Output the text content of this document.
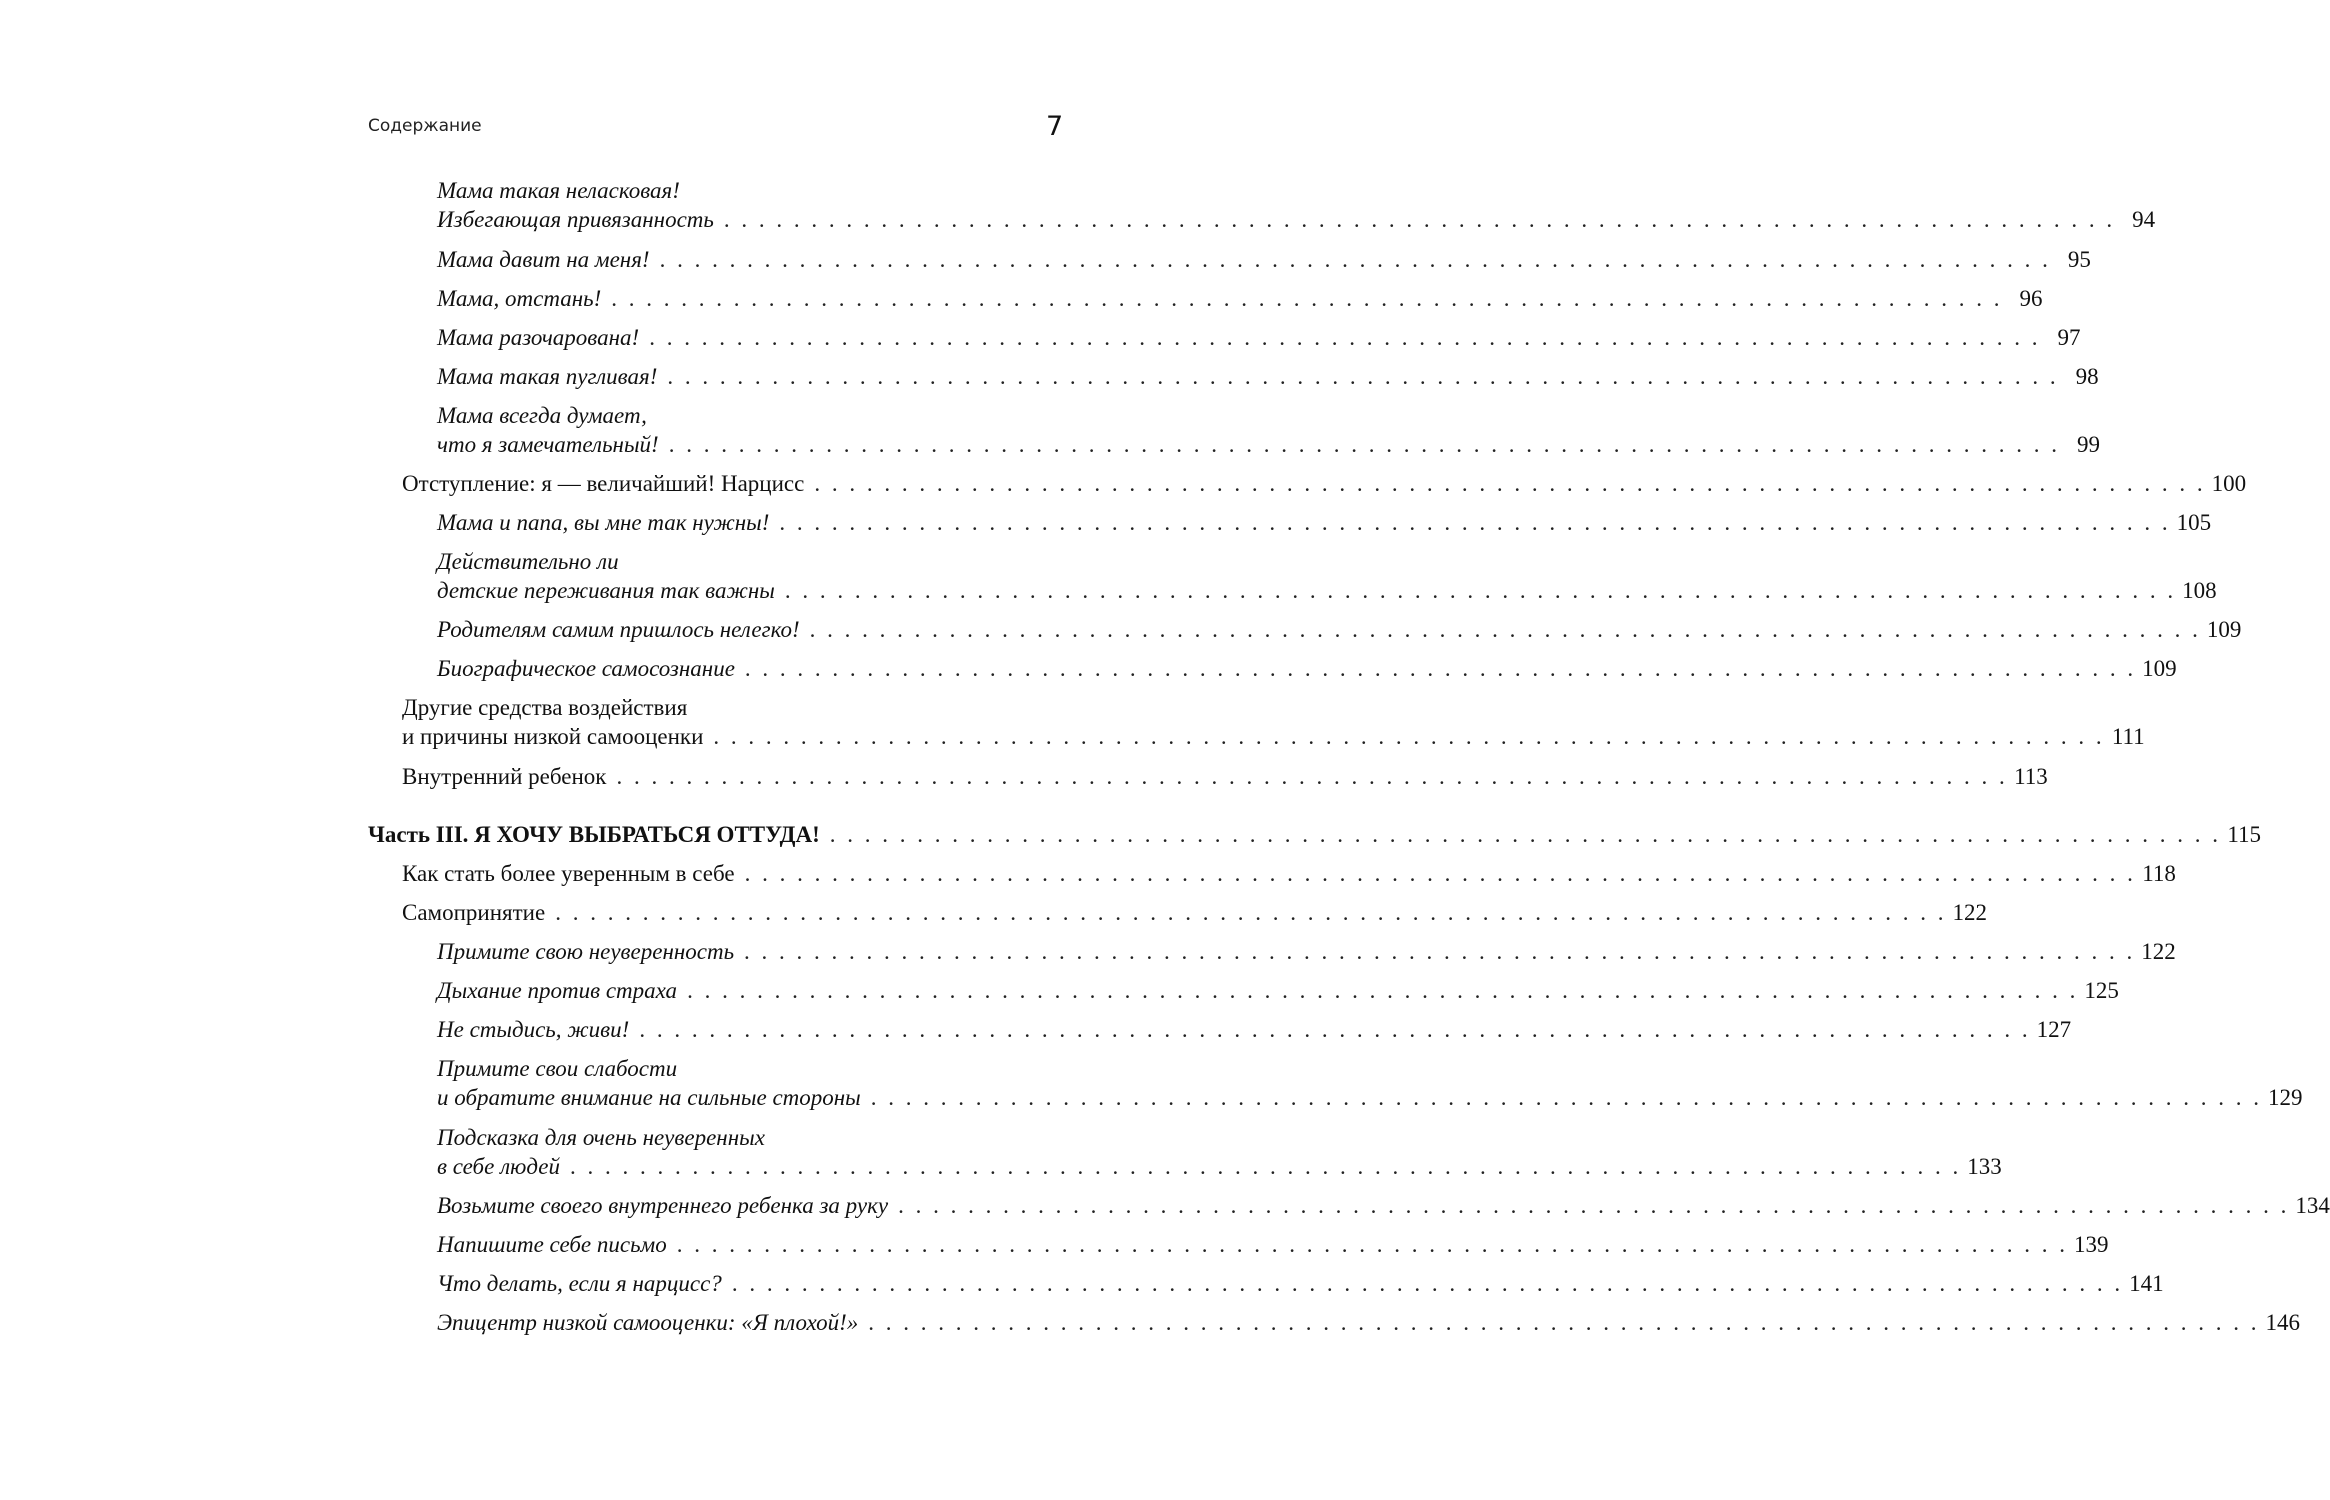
Содержание	7
Мама такая неласковая!
Избегающая привязанность . . . . . . . . . . . . . . . . . . . . . . . . . . . . . . . . . . . . . . . . . . . . . . . . . . . . . . . . . . . . . . . . . . . . . . . . . . . . . . . . 94
Мама давит на меня! . . . . . . . . . . . . . . . . . . . . . . . . . . . . . . . . . . . . . . . . . . . . . . . . . . . . . . . . . . . . . . . . . . . . . . . . . . . . . . . . 95
Мама, отстань! . . . . . . . . . . . . . . . . . . . . . . . . . . . . . . . . . . . . . . . . . . . . . . . . . . . . . . . . . . . . . . . . . . . . . . . . . . . . . . . . 96
Мама разочарована! . . . . . . . . . . . . . . . . . . . . . . . . . . . . . . . . . . . . . . . . . . . . . . . . . . . . . . . . . . . . . . . . . . . . . . . . . . . . . . . . 97
Мама такая пугливая! . . . . . . . . . . . . . . . . . . . . . . . . . . . . . . . . . . . . . . . . . . . . . . . . . . . . . . . . . . . . . . . . . . . . . . . . . . . . . . . . 98
Мама всегда думает,
что я замечательный! . . . . . . . . . . . . . . . . . . . . . . . . . . . . . . . . . . . . . . . . . . . . . . . . . . . . . . . . . . . . . . . . . . . . . . . . . . . . . . . . 99
Отступление: я — величайший! Нарцисс . . . . . . . . . . . . . . . . . . . . . . . . . . . . . . . . . . . . . . . . . . . . . . . . . . . . . . . . . . . . . . . . . . . . . . . . . . . . . . . . 100
Мама и папа, вы мне так нужны! . . . . . . . . . . . . . . . . . . . . . . . . . . . . . . . . . . . . . . . . . . . . . . . . . . . . . . . . . . . . . . . . . . . . . . . . . . . . . . . . 105
Действительно ли
детские переживания так важны . . . . . . . . . . . . . . . . . . . . . . . . . . . . . . . . . . . . . . . . . . . . . . . . . . . . . . . . . . . . . . . . . . . . . . . . . . . . . . . . 108
Родителям самим пришлось нелегко! . . . . . . . . . . . . . . . . . . . . . . . . . . . . . . . . . . . . . . . . . . . . . . . . . . . . . . . . . . . . . . . . . . . . . . . . . . . . . . . . 109
Биографическое самосознание . . . . . . . . . . . . . . . . . . . . . . . . . . . . . . . . . . . . . . . . . . . . . . . . . . . . . . . . . . . . . . . . . . . . . . . . . . . . . . . . 109
Другие средства воздействия
и причины низкой самооценки . . . . . . . . . . . . . . . . . . . . . . . . . . . . . . . . . . . . . . . . . . . . . . . . . . . . . . . . . . . . . . . . . . . . . . . . . . . . . . . . 111
Внутренний ребенок . . . . . . . . . . . . . . . . . . . . . . . . . . . . . . . . . . . . . . . . . . . . . . . . . . . . . . . . . . . . . . . . . . . . . . . . . . . . . . . . 113
Часть III. Я ХОЧУ ВЫБРАТЬСЯ ОТТУДА! . . . . . . . . . . . . . . . . . . . . . . . . . . . . . . . . . . . . . . . . . . . . . . . . . . . . . . . . . . . . . . . . . . . . . . . . . . . . . . . . 115
Как стать более уверенным в себе . . . . . . . . . . . . . . . . . . . . . . . . . . . . . . . . . . . . . . . . . . . . . . . . . . . . . . . . . . . . . . . . . . . . . . . . . . . . . . . . 118
Самопринятие . . . . . . . . . . . . . . . . . . . . . . . . . . . . . . . . . . . . . . . . . . . . . . . . . . . . . . . . . . . . . . . . . . . . . . . . . . . . . . . . 122
Примите свою неуверенность . . . . . . . . . . . . . . . . . . . . . . . . . . . . . . . . . . . . . . . . . . . . . . . . . . . . . . . . . . . . . . . . . . . . . . . . . . . . . . . . 122
Дыхание против страха . . . . . . . . . . . . . . . . . . . . . . . . . . . . . . . . . . . . . . . . . . . . . . . . . . . . . . . . . . . . . . . . . . . . . . . . . . . . . . . . 125
Не стыдись, живи! . . . . . . . . . . . . . . . . . . . . . . . . . . . . . . . . . . . . . . . . . . . . . . . . . . . . . . . . . . . . . . . . . . . . . . . . . . . . . . . . 127
Примите свои слабости
и обратите внимание на сильные стороны . . . . . . . . . . . . . . . . . . . . . . . . . . . . . . . . . . . . . . . . . . . . . . . . . . . . . . . . . . . . . . . . . . . . . . . . . . . . . . . . 129
Подсказка для очень неуверенных
в себе людей . . . . . . . . . . . . . . . . . . . . . . . . . . . . . . . . . . . . . . . . . . . . . . . . . . . . . . . . . . . . . . . . . . . . . . . . . . . . . . . . 133
Возьмите своего внутреннего ребенка за руку . . . . . . . . . . . . . . . . . . . . . . . . . . . . . . . . . . . . . . . . . . . . . . . . . . . . . . . . . . . . . . . . . . . . . . . . . . . . . . . . 134
Напишите себе письмо . . . . . . . . . . . . . . . . . . . . . . . . . . . . . . . . . . . . . . . . . . . . . . . . . . . . . . . . . . . . . . . . . . . . . . . . . . . . . . . . 139
Что делать, если я нарцисс? . . . . . . . . . . . . . . . . . . . . . . . . . . . . . . . . . . . . . . . . . . . . . . . . . . . . . . . . . . . . . . . . . . . . . . . . . . . . . . . . 141
Эпицентр низкой самооценки: «Я плохой!» . . . . . . . . . . . . . . . . . . . . . . . . . . . . . . . . . . . . . . . . . . . . . . . . . . . . . . . . . . . . . . . . . . . . . . . . . . . . . . . . 146
